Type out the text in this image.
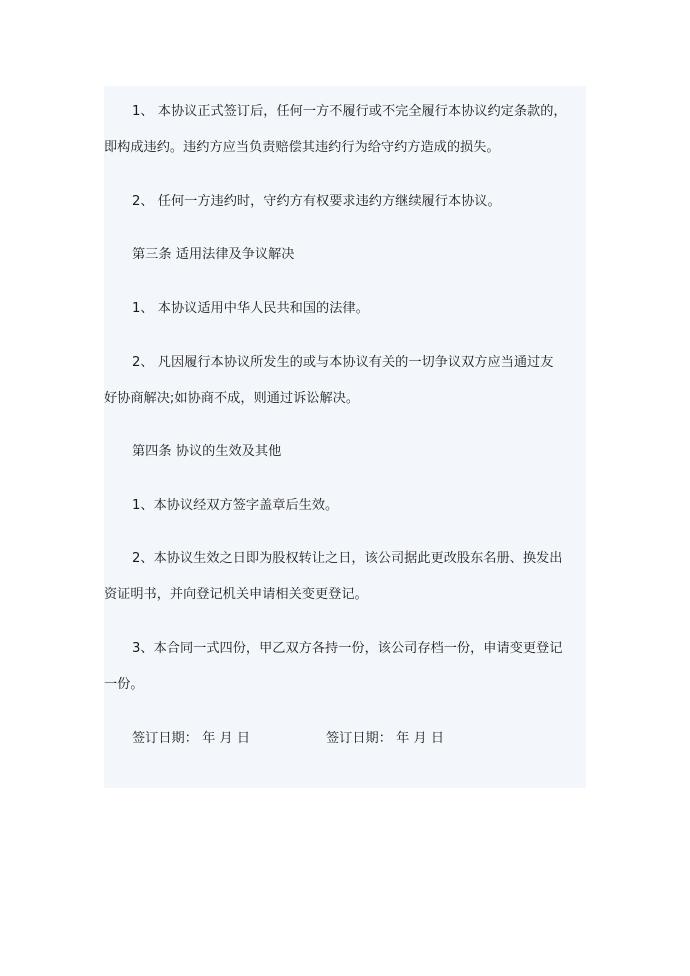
1、 本协议正式签订后，任何一方不履行或不完全履行本协议约定条款的，

即构成违约。违约方应当负责赔偿其违约行为给守约方造成的损失。

2、 任何一方违约时，守约方有权要求违约方继续履行本协议。

第三条 适用法律及争议解决

1、 本协议适用中华人民共和国的法律。

2、 凡因履行本协议所发生的或与本协议有关的一切争议双方应当通过友

好协商解决;如协商不成，则通过诉讼解决。

第四条 协议的生效及其他

1、本协议经双方签字盖章后生效。

2、本协议生效之日即为股权转让之日，该公司据此更改股东名册、换发出

资证明书，并向登记机关申请相关变更登记。

3、本合同一式四份，甲乙双方各持一份，该公司存档一份，申请变更登记

一份。

签订日期： 年 月 日	签订日期： 年 月 日
